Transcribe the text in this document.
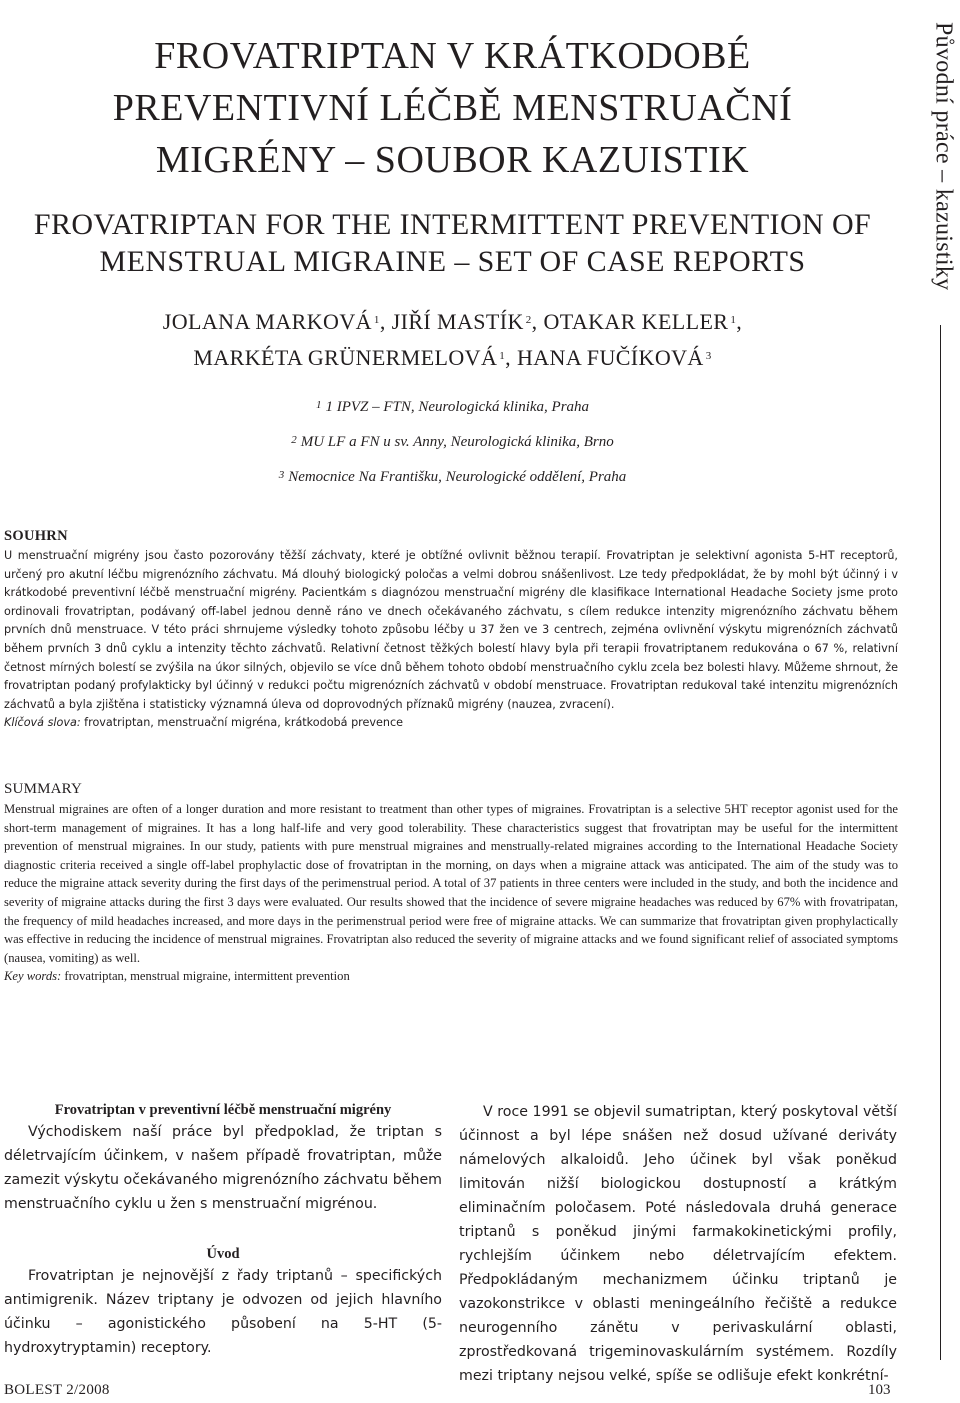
FROVATRIPTAN V KRÁTKODOBÉ
PREVENTIVNÍ LÉČBĚ MENSTRUAČNÍ
MIGRÉNY – SOUBOR KAZUISTIK
FROVATRIPTAN FOR THE INTERMITTENT PREVENTION OF
MENSTRUAL MIGRAINE – SET OF CASE REPORTS
JOLANA MARKOVÁ $^1$, JIŘÍ MASTÍK $^2$, OTAKAR KELLER $^1$,
MARKÉTA GRÜNERMELOVÁ $^1$, HANA FUČÍKOVÁ $^3$
$^1$ 1 IPVZ – FTN, Neurologická klinika, Praha
$^2$ MU LF a FN u sv. Anny, Neurologická klinika, Brno
$^3$ Nemocnice Na Františku, Neurologické oddělení, Praha
Původní práce – kazuistiky
SOUHRN

U menstruační migrény jsou často pozorovány těžší záchvaty, které je obtížné ovlivnit běžnou terapií. Frovatriptan je selektivní agonista 5-HT receptorů, určený pro akutní léčbu migrenózního záchvatu. Má dlouhý biologický poločas a velmi dobrou snášenlivost. Lze tedy předpokládat, že by mohl být účinný i v krátkodobé preventivní léčbě menstruační migrény. Pacientkám s diagnózou menstruační migrény dle klasifikace International Headache Society jsme proto ordinovali frovatriptan, podávaný off-label jednou denně ráno ve dnech očekávaného záchvatu, s cílem redukce intenzity migrenózního záchvatu během prvních dnů menstruace. V této práci shrnujeme výsledky tohoto způsobu léčby u 37 žen ve 3 centrech, zejména ovlivnění výskytu migrenózních záchvatů během prvních 3 dnů cyklu a intenzity těchto záchvatů. Relativní četnost těžkých bolestí hlavy byla při terapii frovatriptanem redukována o 67 %, relativní četnost mírných bolestí se zvýšila na úkor silných, objevilo se více dnů během tohoto období menstruačního cyklu zcela bez bolesti hlavy. Můžeme shrnout, že frovatriptan podaný profylakticky byl účinný v redukci počtu migrenózních záchvatů v období menstruace. Frovatriptan redukoval také intenzitu migrenózních záchvatů a byla zjištěna i statisticky významná úleva od doprovodných příznaků migrény (nauzea, zvracení).

Klíčová slova: frovatriptan, menstruační migréna, krátkodobá prevence

SUMMARY

Menstrual migraines are often of a longer duration and more resistant to treatment than other types of migraines. Frovatriptan is a selective 5HT receptor agonist used for the short-term management of migraines. It has a long half-life and very good tolerability. These characteristics suggest that frovatriptan may be useful for the intermittent prevention of menstrual migraines. In our study, patients with pure menstrual migraines and menstrually-related migraines according to the International Headache Society diagnostic criteria received a single off-label prophylactic dose of frovatriptan in the morning, on days when a migraine attack was anticipated. The aim of the study was to reduce the migraine attack severity during the first days of the perimenstrual period. A total of 37 patients in three centers were included in the study, and both the incidence and severity of migraine attacks during the first 3 days were evaluated. Our results showed that the incidence of severe migraine headaches was reduced by 67% with frovatripatan, the frequency of mild headaches increased, and more days in the perimenstrual period were free of migraine attacks. We can summarize that frovatriptan given prophylactically was effective in reducing the incidence of menstrual migraines. Frovatriptan also reduced the severity of migraine attacks and we found significant relief of associated symptoms (nausea, vomiting) as well.

Key words: frovatriptan, menstrual migraine, intermittent prevention

Frovatriptan v preventivní léčbě menstruační migrény

Východiskem naší práce byl předpoklad, že triptan s déletrvajícím účinkem, v našem případě frovatriptan, může zamezit výskytu očekávaného migrenózního záchvatu během menstruačního cyklu u žen s menstruační migrénou.

Úvod

Frovatriptan je nejnovější z řady triptanů – specifických antimigrenik. Název triptany je odvozen od jejich hlavního účinku – agonistického působení na 5-HT (5-hydroxytryptamin) receptory.

V roce 1991 se objevil sumatriptan, který poskytoval větší účinnost a byl lépe snášen než dosud užívané deriváty námelových alkaloidů. Jeho účinek byl však poněkud limitován nižší biologickou dostupností a krátkým eliminačním poločasem. Poté následovala druhá generace triptanů s poněkud jinými farmakokinetickými profily, rychlejším účinkem nebo déletrvajícím efektem. Předpokládaným mechanizmem účinku triptanů je vazokonstrikce v oblasti meningeálního řečiště a redukce neurogenního zánětu v perivaskulární oblasti, zprostředkovaná trigeminovaskulárním systémem. Rozdíly mezi triptany nejsou velké, spíše se odlišuje efekt konkrétní-

BOLEST 2/2008	103
